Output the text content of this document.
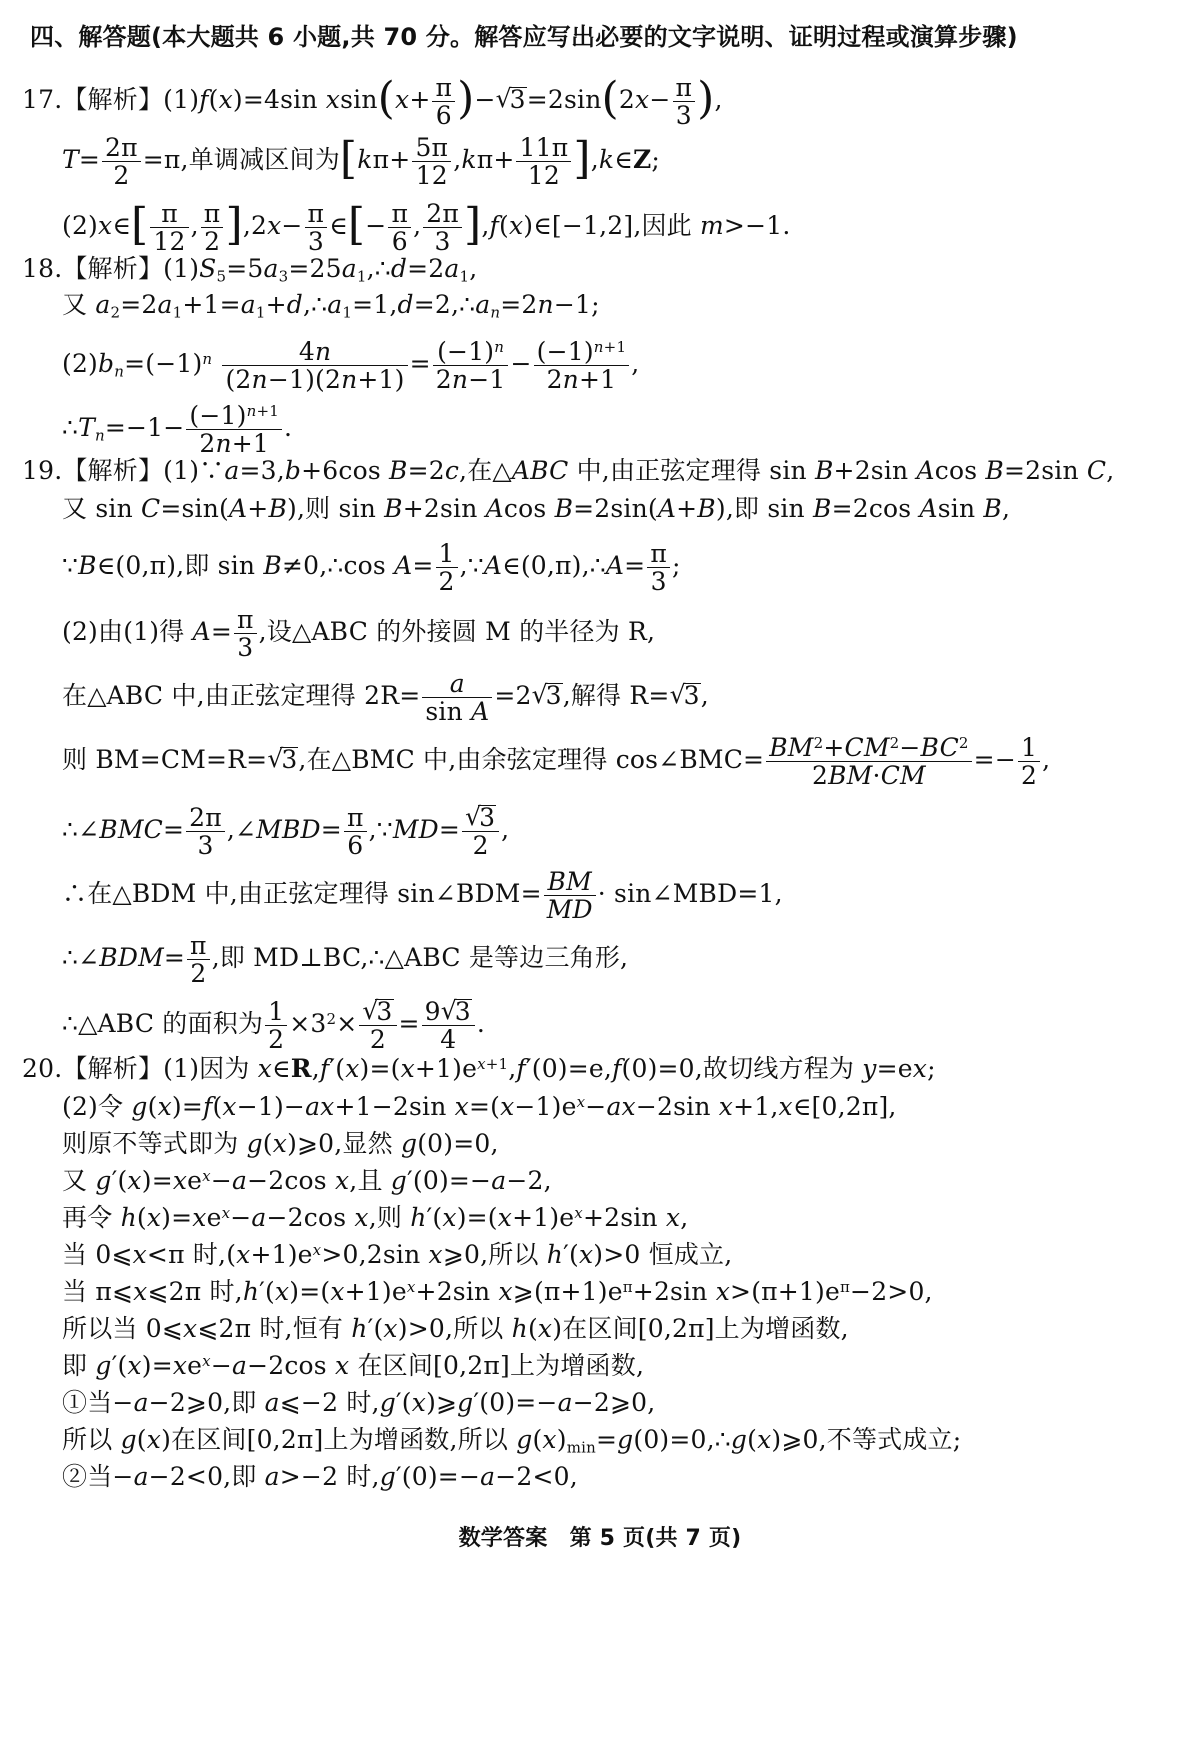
四、解答题(本大题共 6 小题,共 70 分。解答应写出必要的文字说明、证明过程或演算步骤)
17.【解析】(1)f(x)=4sin $xsin(x+ \frac{\pi}{6}$ )−√ $3=2\sin(2x- \frac{\pi}{3}$ ),
$T= \frac{2\pi}{2} =\pi$,单调减区间为[$k\pi+ \frac{5\pi}{12} ,k\pi+ \frac{11\pi}{12}$ ],k∈Z;
(2)x∈[ $\frac{\pi}{12}$ , $\frac{\pi}{2} ],2x- \frac{\pi}{3}$ ∈[− $\frac{\pi}{6}$ , $\frac{2\pi}{3}$ ],f(x)∈[−1,2],因此 m>−1.
18.【解析】$(1)S_5=5a_3=25a_1,\therefore d=2a_1$,
又 $a_2=2a_1+1=a_1+d,\therefore a_1=1,d=2,\therefore a_n=2n-1$;
$(2)b_n=(-1)^n \frac{4n}{(2n-1)(2n+1)} = \frac{(-1)^n}{2n-1} - \frac{(-1)^{n+1}}{2n+1}$ ,
$\therefore T_n=-1- \frac{(-1)^{n+1}}{2n+1}$ .
19.【解析】(1)∵a=3,b+6cos B=2c,在△ABC 中,由正弦定理得 sin B+2sin Acos B=2sin C,
又 sin C=sin(A+B),则 sin B+2sin Acos B=2sin(A+B),即 sin B=2cos Asin B,
∵B∈(0,π),即 sin B≠0,∴cos $A= \frac{1}{2}$ ,∵A∈(0,π),∴A= $\frac{\pi}{3}$ ;
(2)由(1)得 $A= \frac{\pi}{3}$ ,设△ABC 的外接圆 M 的半径为 R,
在△ABC 中,由正弦定理得 $2R= \frac{a}{\text{sin A}} =2√$ 3,解得 R=√ 3,
则 BM=CM=R=√ 3,在△BMC 中,由余弦定理得 cos∠BMC= $\frac{BM^2+CM^2-BC^2}{2BM\cdot CM} =- \frac{1}{2}$ ,
∴∠BMC= $\frac{2\pi}{3}$ ,∠MBD= $\frac{\pi}{6}$ ,∵MD=
√ $\frac{3}{2}$ ,
∴在△BDM 中,由正弦定理得 sin∠BDM= $\frac{BM}{MD}$ · sin∠MBD=1,
∴∠BDM= $\frac{\pi}{2}$ ,即 MD⊥BC,∴△ABC 是等边三角形,
∴△ABC 的面积为 $\frac{1}{2} \times 3^2\times$
√ $\frac{3}{2} = \frac{9√ 3}{4}$ .
20.【解析】(1)因为 $x\in R,f'(x)=(x+1)e^{x+1},f'(0)=e,f(0)=0$,故切线方程为 y=ex;
(2)令 g(x)=f(x−1)−ax+1−2sin $x=(x-1)e^x-ax-2\sin$ x+1,x∈[0,2π],
则原不等式即为 g(x)⩾0,显然 g(0)=0,
又 $g'(x)=xe^x-a-2\cos$ x,且 g′(0)=−a−2,
再令 $h(x)=xe^x-a-2\cos$ x,则 $h'(x)=(x+1)e^x+2\sin$ x,
当 0⩽x<π 时$,(x+1)e^x>0,2\sin$ x⩾0,所以 h′(x)>0 恒成立,
当 π⩽x⩽2π 时$,h'(x)=(x+1)e^x+2\sin$ $x⩾(\pi+1)e^\pi+2\sin$ $x>(\pi+1)e^\pi-2>0$,
所以当 0⩽x⩽2π 时,恒有 h′(x)>0,所以 h(x)在区间[0,2π]上为增函数,
即 $g'(x)=xe^x-a-2\cos$ x 在区间[0,2π]上为增函数,
①当−a−2⩾0,即 a⩽−2 时,g′(x)⩾g′(0)=−a−2⩾0,
所以 g(x)在区间[0,2π]上为增函数,所以 $g(x)_{min}=g(0)=0,\therefore g(x)⩾0$,不等式成立;
②当−a−2<0,即 a>−2 时,g′(0)=−a−2<0,
数学答案　第 5 页(共 7 页)
